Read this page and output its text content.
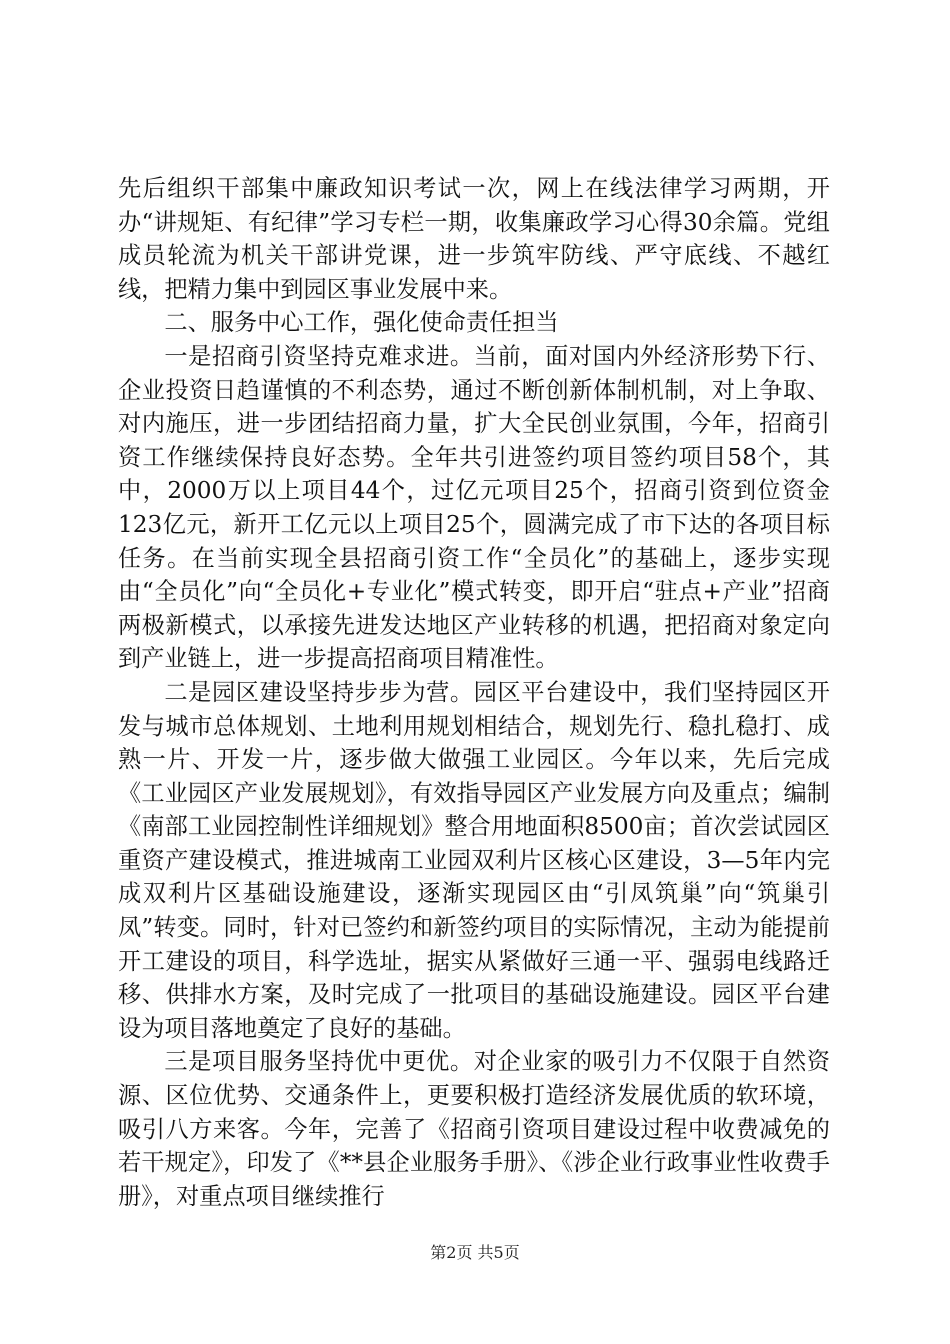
先后组织干部集中廉政知识考试一次，网上在线法律学习两期，开办“讲规矩、有纪律”学习专栏一期，收集廉政学习心得30余篇。党组成员轮流为机关干部讲党课，进一步筑牢防线、严守底线、不越红线，把精力集中到园区事业发展中来。

二、服务中心工作，强化使命责任担当

一是招商引资坚持克难求进。当前，面对国内外经济形势下行、企业投资日趋谨慎的不利态势，通过不断创新体制机制，对上争取、对内施压，进一步团结招商力量，扩大全民创业氛围，今年，招商引资工作继续保持良好态势。全年共引进签约项目签约项目58个，其中，2000万以上项目44个，过亿元项目25个，招商引资到位资金123亿元，新开工亿元以上项目25个，圆满完成了市下达的各项目标任务。在当前实现全县招商引资工作“全员化”的基础上，逐步实现由“全员化”向“全员化+专业化”模式转变，即开启“驻点+产业”招商两极新模式，以承接先进发达地区产业转移的机遇，把招商对象定向到产业链上，进一步提高招商项目精准性。

二是园区建设坚持步步为营。园区平台建设中，我们坚持园区开发与城市总体规划、土地利用规划相结合，规划先行、稳扎稳打、成熟一片、开发一片，逐步做大做强工业园区。今年以来，先后完成《工业园区产业发展规划》，有效指导园区产业发展方向及重点；编制《南部工业园控制性详细规划》整合用地面积8500亩；首次尝试园区重资产建设模式，推进城南工业园双利片区核心区建设，3—5年内完成双利片区基础设施建设，逐渐实现园区由“引凤筑巢”向“筑巢引凤”转变。同时，针对已签约和新签约项目的实际情况，主动为能提前开工建设的项目，科学选址，据实从紧做好三通一平、强弱电线路迁移、供排水方案，及时完成了一批项目的基础设施建设。园区平台建设为项目落地奠定了良好的基础。

三是项目服务坚持优中更优。对企业家的吸引力不仅限于自然资源、区位优势、交通条件上，更要积极打造经济发展优质的软环境，吸引八方来客。今年，完善了《招商引资项目建设过程中收费减免的若干规定》，印发了《**县企业服务手册》、《涉企业行政事业性收费手册》，对重点项目继续推行

第2页 共5页
